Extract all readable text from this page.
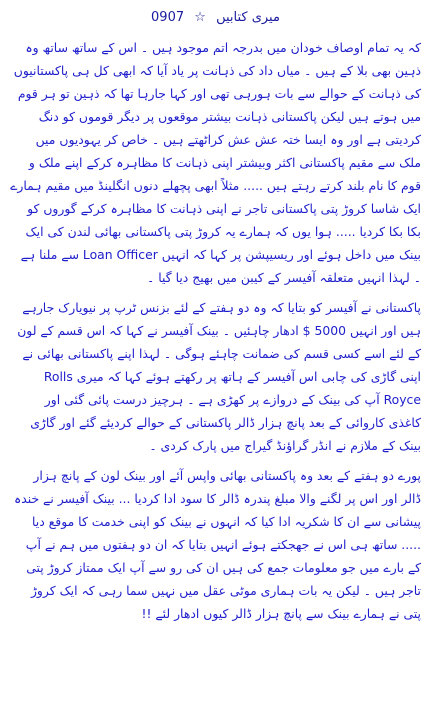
میری کتابیں ☆ 0907

کہ یہ تمام اوصاف خودان میں بدرجہ اتم موجود ہیں ۔ اس کے ساتھ ساتھ وہ ذہین بھی بلا کے ہیں ۔ میاں داد کی ذہانت پر یاد آیا کہ ابھی کل ہی پاکستانیوں کی ذہانت کے حوالے سے بات ہورہی تھی اور کہا جارہا تھا کہ ذہین تو ہر قوم میں ہوتے ہیں لیکن پاکستانی ذہانت بیشتر موقعوں پر دیگر قوموں کو دنگ کردیتی ہے اور وہ ایسا ختہ عش عش کراٹھتے ہیں ۔ خاص کر یہودیوں میں ملک سے مقیم پاکستانی اکثر وبیشتر اپنی ذہانت کا مظاہرہ کرکے اپنے ملک و قوم کا نام بلند کرتے رہتے ہیں ..... مثلاً ابھی پچھلے دنوں انگلینڈ میں مقیم ہمارے ایک شاسا کروڑ پتی پاکستانی تاجر نے اپنی ذہانت کا مظاہرہ کرکے گوروں کو بکا بکا کردیا ..... ہوا یوں کہ ہمارے یہ کروڑ پتی پاکستانی بھائی لندن کی ایک بینک میں داخل ہوئے اور ریسیپشن پر کہا کہ انہیں Loan Officer سے ملنا ہے ۔ لہذا انہیں متعلقہ آفیسر کے کیبن میں بھیج دیا گیا ۔

پاکستانی نے آفیسر کو بتایا کہ وہ دو ہفتے کے لئے بزنس ٹرپ پر نیویارک جارہے ہیں اور انہیں $ 5000 ادھار چاہئیں ۔ بینک آفیسر نے کہا کہ اس قسم کے لون کے لئے اسے کسی قسم کی ضمانت چاہئے ہوگی ۔ لہذا اپنے پاکستانی بھائی نے اپنی گاڑی کی چابی اس آفیسر کے ہاتھ پر رکھتے ہوئے کہا کہ میری Rolls Royce آپ کی بینک کے دروازے پر کھڑی ہے ۔ ہرچیز درست پائی گئی اور کاغذی کاروائی کے بعد پانچ ہزار ڈالر پاکستانی کے حوالے کردیئے گئے اور گاڑی بینک کے ملازم نے انڈر گراؤنڈ گیراج میں پارک کردی ۔

پورے دو ہفتے کے بعد وہ پاکستانی بھائی واپس آئے اور بینک لون کے پانچ ہزار ڈالر اور اس پر لگنے والا مبلغ پندرہ ڈالر کا سود ادا کردیا ... بینک آفیسر نے خندہ پیشانی سے ان کا شکریہ ادا کیا کہ انہوں نے بینک کو اپنی خدمت کا موقع دیا ..... ساتھ ہی اس نے جھجکتے ہوئے انہیں بتایا کہ ان دو ہفتوں میں ہم نے آپ کے بارے میں جو معلومات جمع کی ہیں ان کی رو سے آپ ایک ممتاز کروڑ پتی تاجر ہیں ۔ لیکن یہ بات ہماری موٹی عقل میں نہیں سما رہی کہ ایک کروڑ پتی نے ہمارے بینک سے پانچ ہزار ڈالر کیوں ادھار لئے !!
